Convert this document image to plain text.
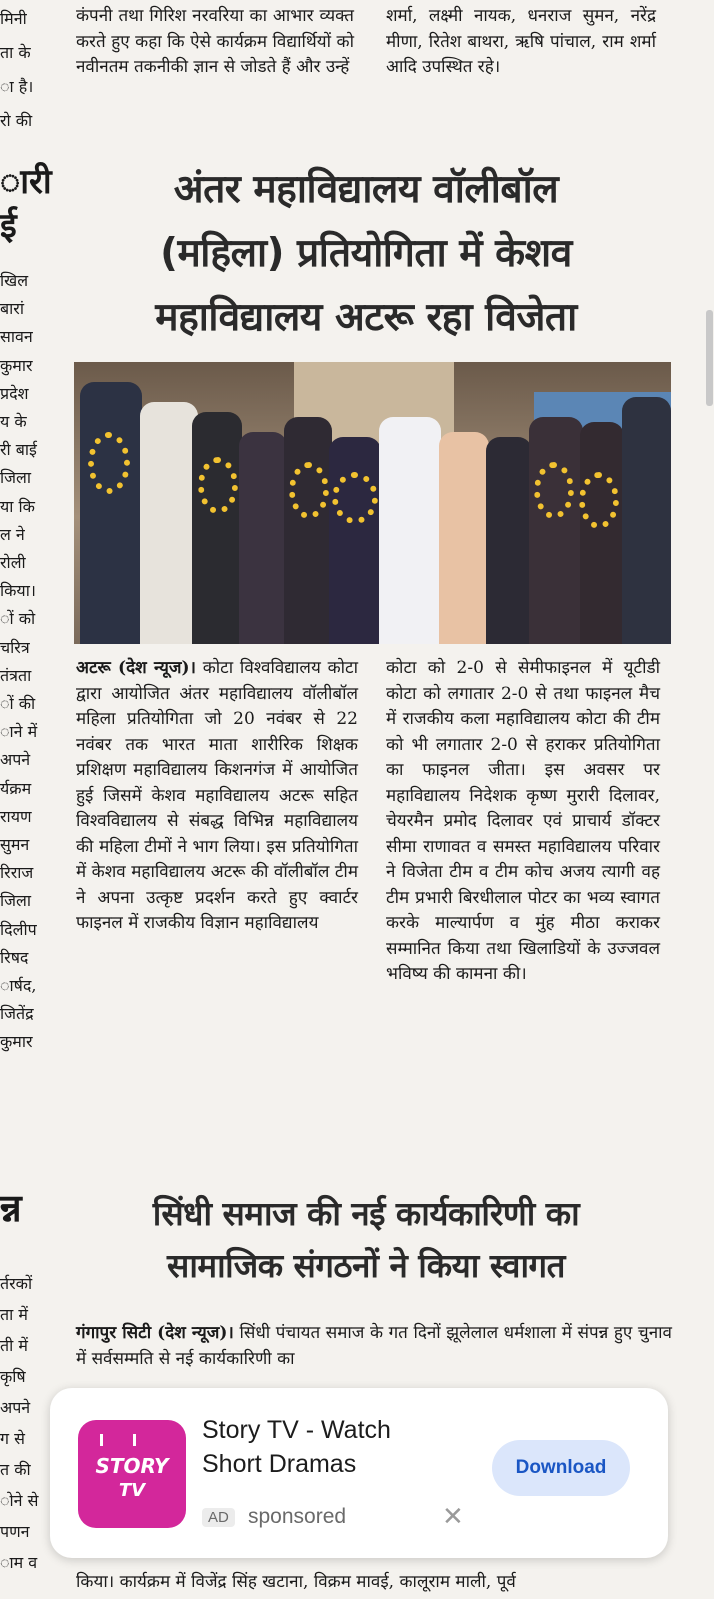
मिनी
ता के
ा है।
रो की
ारी
ई
खिल
बारां
सावन
कुमार
प्रदेश
य के
री बाई
जिला
या कि
ल ने
रोली
किया।
ों को
चरित्र
तंत्रता
ों की
ाने में
अपने
र्यक्रम
रायण
सुमन
रिराज
जिला
दिलीप
रिषद
ार्षद,
जितेंद्र
कुमार
न्न
र्तरकों
ता में
ती में
कृषि
अपने
ग से
त की
ोने से
पणन
ाम व
कंपनी तथा गिरिश नरवरिया का आभार व्यक्त करते हुए कहा कि ऐसे कार्यक्रम विद्यार्थियों को नवीनतम तकनीकी ज्ञान से जोडते हैं और उन्हें
शर्मा, लक्ष्मी नायक, धनराज सुमन, नरेंद्र मीणा, रितेश बाथरा, ऋषि पांचाल, राम शर्मा आदि उपस्थित रहे।
अंतर महाविद्यालय वॉलीबॉल
(महिला) प्रतियोगिता में केशव
महाविद्यालय अटरू रहा विजेता
अटरू (देश न्यूज)। कोटा विश्वविद्यालय कोटा द्वारा आयोजित अंतर महाविद्यालय वॉलीबॉल महिला प्रतियोगिता जो 20 नवंबर से 22 नवंबर तक भारत माता शारीरिक शिक्षक प्रशिक्षण महाविद्यालय किशनगंज में आयोजित हुई जिसमें केशव महाविद्यालय अटरू सहित विश्वविद्यालय से संबद्ध विभिन्न महाविद्यालय की महिला टीमों ने भाग लिया। इस प्रतियोगिता में केशव महाविद्यालय अटरू की वॉलीबॉल टीम ने अपना उत्कृष्ट प्रदर्शन करते हुए क्वार्टर फाइनल में राजकीय विज्ञान महाविद्यालय
कोटा को 2-0 से सेमीफाइनल में यूटीडी कोटा को लगातार 2-0 से तथा फाइनल मैच में राजकीय कला महाविद्यालय कोटा की टीम को भी लगातार 2-0 से हराकर प्रतियोगिता का फाइनल जीता। इस अवसर पर महाविद्यालय निदेशक कृष्ण मुरारी दिलावर, चेयरमैन प्रमोद दिलावर एवं प्राचार्य डॉक्टर सीमा राणावत व समस्त महाविद्यालय परिवार ने विजेता टीम व टीम कोच अजय त्यागी वह टीम प्रभारी बिरधीलाल पोटर का भव्य स्वागत करके माल्यार्पण व मुंह मीठा कराकर सम्मानित किया तथा खिलाडियों के उज्जवल भविष्य की कामना की।
सिंधी समाज की नई कार्यकारिणी का
सामाजिक संगठनों ने किया स्वागत
गंगापुर सिटी (देश न्यूज)। सिंधी पंचायत समाज के गत दिनों झूलेलाल धर्मशाला में संपन्न हुए चुनाव में सर्वसम्मति से नई कार्यकारिणी का
किया। कार्यक्रम में विजेंद्र सिंह खटाना, विक्रम मावई, कालूराम माली, पूर्व
STORY
TV
Story TV - Watch
Short Dramas
AD sponsored	✕
Download
